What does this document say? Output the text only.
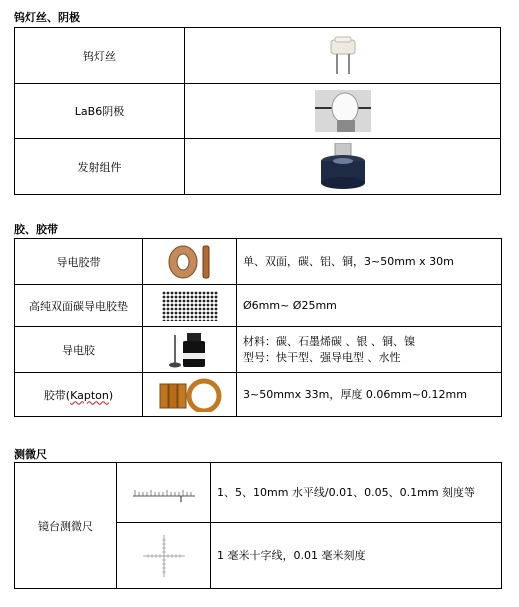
钨灯丝、阴极
钨灯丝	

LaB6阴极	

发射组件	
胶、胶带
导电胶带		单、双面，碳、铝、铜，3~50mm x 30m
高纯双面碳导电胶垫		Ø6mm~ Ø25mm
导电胶		材料：碳、石墨烯碳 、银 、铜、镍
型号：快干型、强导电型 、水性

胶带(Kapton)		3~50mmx 33m，厚度 0.06mm~0.12mm
测微尺
镜台测微尺		1、5、10mm 水平线/0.01、0.05、0.1mm 刻度等

	1 毫米十字线，0.01 毫米刻度
